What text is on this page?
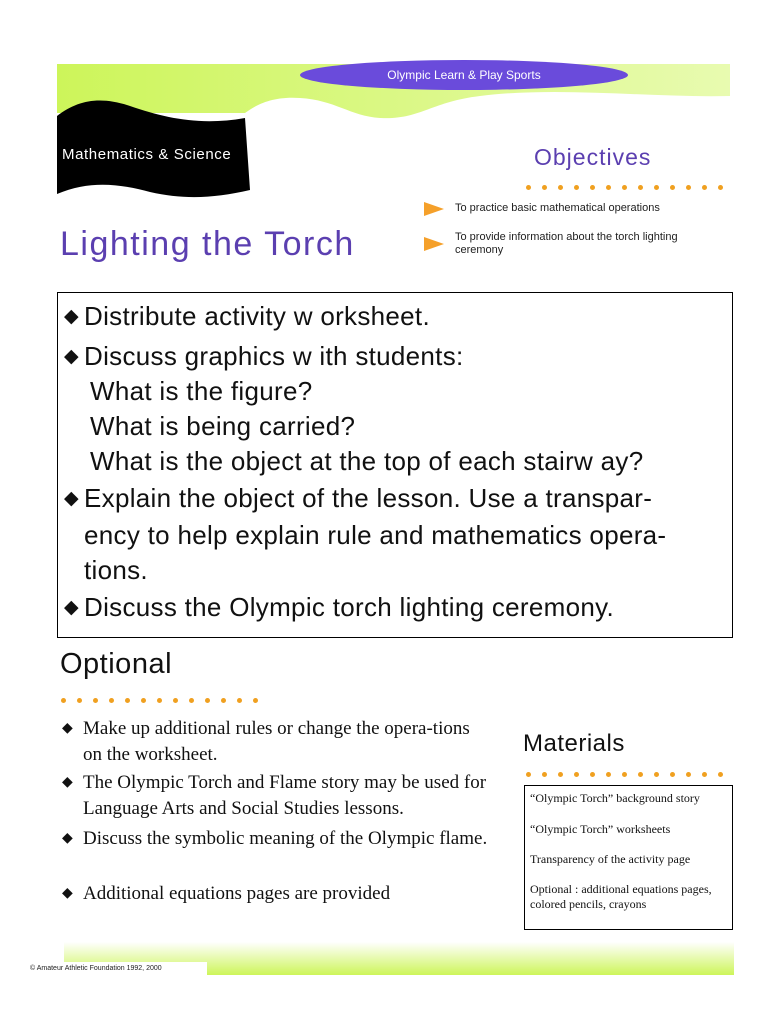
Olympic Learn & Play Sports
Mathematics & Science	Objectives
To practice basic mathematical operations
To provide information about the torch lighting ceremony
Lighting the Torch
◆ Distribute activity w orksheet.
◆ Discuss graphics w ith students:
What is the figure?
What is being carried?
What is the object at the top of each stairw ay?
◆ Explain the object of the lesson. Use a transpar-
ency to help explain rule and mathematics opera-
tions.
◆ Discuss the Olympic torch lighting ceremony.
Optional
◆ Make up additional rules or change the opera-tions on the worksheet.
◆ The Olympic Torch and Flame story may be used for Language Arts and Social Studies lessons.
◆ Discuss the symbolic meaning of the Olympic flame.
◆ Additional equations pages are provided
Materials
“Olympic Torch” background story
“Olympic Torch” worksheets
Transparency of the activity page
Optional : additional equations pages, colored pencils, crayons
© Amateur Athletic Foundation 1992, 2000
